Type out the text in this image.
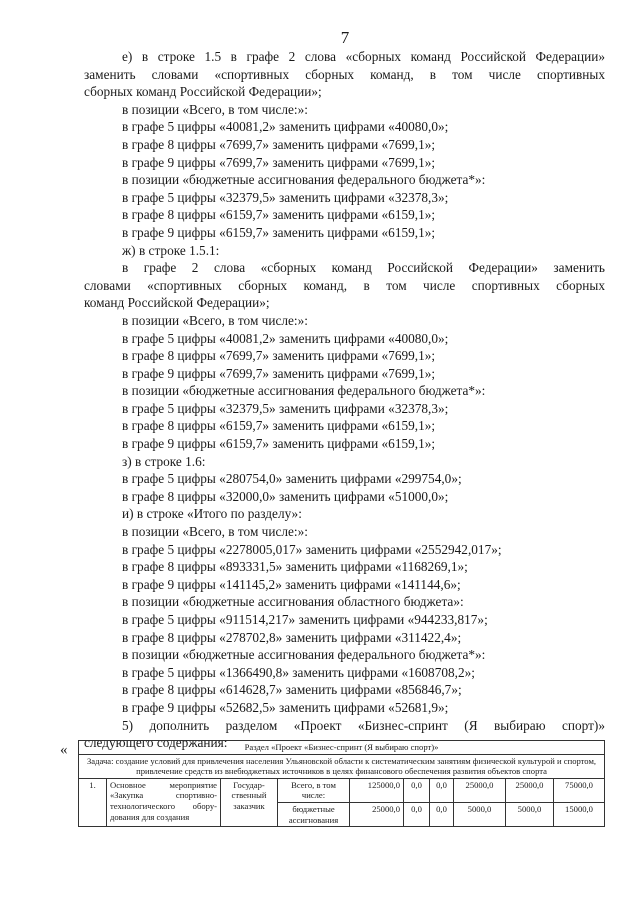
7

е) в строке 1.5 в графе 2 слова «сборных команд Российской Федерации»

заменить словами «спортивных сборных команд, в том числе спортивных

сборных команд Российской Федерации»;

в позиции «Всего, в том числе:»:

в графе 5 цифры «40081,2» заменить цифрами «40080,0»;

в графе 8 цифры «7699,7» заменить цифрами «7699,1»;

в графе 9 цифры «7699,7» заменить цифрами «7699,1»;

в позиции «бюджетные ассигнования федерального бюджета*»:

в графе 5 цифры «32379,5» заменить цифрами «32378,3»;

в графе 8 цифры «6159,7» заменить цифрами «6159,1»;

в графе 9 цифры «6159,7» заменить цифрами «6159,1»;

ж) в строке 1.5.1:

в графе 2 слова «сборных команд Российской Федерации» заменить

словами «спортивных сборных команд, в том числе спортивных сборных

команд Российской Федерации»;

в позиции «Всего, в том числе:»:

в графе 5 цифры «40081,2» заменить цифрами «40080,0»;

в графе 8 цифры «7699,7» заменить цифрами «7699,1»;

в графе 9 цифры «7699,7» заменить цифрами «7699,1»;

в позиции «бюджетные ассигнования федерального бюджета*»:

в графе 5 цифры «32379,5» заменить цифрами «32378,3»;

в графе 8 цифры «6159,7» заменить цифрами «6159,1»;

в графе 9 цифры «6159,7» заменить цифрами «6159,1»;

з) в строке 1.6:

в графе 5 цифры «280754,0» заменить цифрами «299754,0»;

в графе 8 цифры «32000,0» заменить цифрами «51000,0»;

и) в строке «Итого по разделу»:

в позиции «Всего, в том числе:»:

в графе 5 цифры «2278005,017» заменить цифрами «2552942,017»;

в графе 8 цифры «893331,5» заменить цифрами «1168269,1»;

в графе 9 цифры «141145,2» заменить цифрами «141144,6»;

в позиции «бюджетные ассигнования областного бюджета»:

в графе 5 цифры «911514,217» заменить цифрами «944233,817»;

в графе 8 цифры «278702,8» заменить цифрами «311422,4»;

в позиции «бюджетные ассигнования федерального бюджета*»:

в графе 5 цифры «1366490,8» заменить цифрами «1608708,2»;

в графе 8 цифры «614628,7» заменить цифрами «856846,7»;

в графе 9 цифры «52682,5» заменить цифрами «52681,9»;

5) дополнить разделом «Проект «Бизнес-спринт (Я выбираю спорт)»

следующего содержания:

«	Раздел «Проект «Бизнес-спринт (Я выбираю спорт)»									
Задача: создание условий для привлечения населения Ульяновской области к систематическим занятиям физической культурой и спортом, привлечение средств из внебюджетных источников в целях финансового обеспечения развития объектов спорта									
1.	Основное мероприятие «Закупка спортивно-технологического обору-дования для создания	Государ-ственный заказчик	Всего, в том числе:	125000,0	0,0	0,0	25000,0	25000,0	75000,0
			бюджетные ассигнования	25000,0	0,0	0,0	5000,0	5000,0	15000,0
